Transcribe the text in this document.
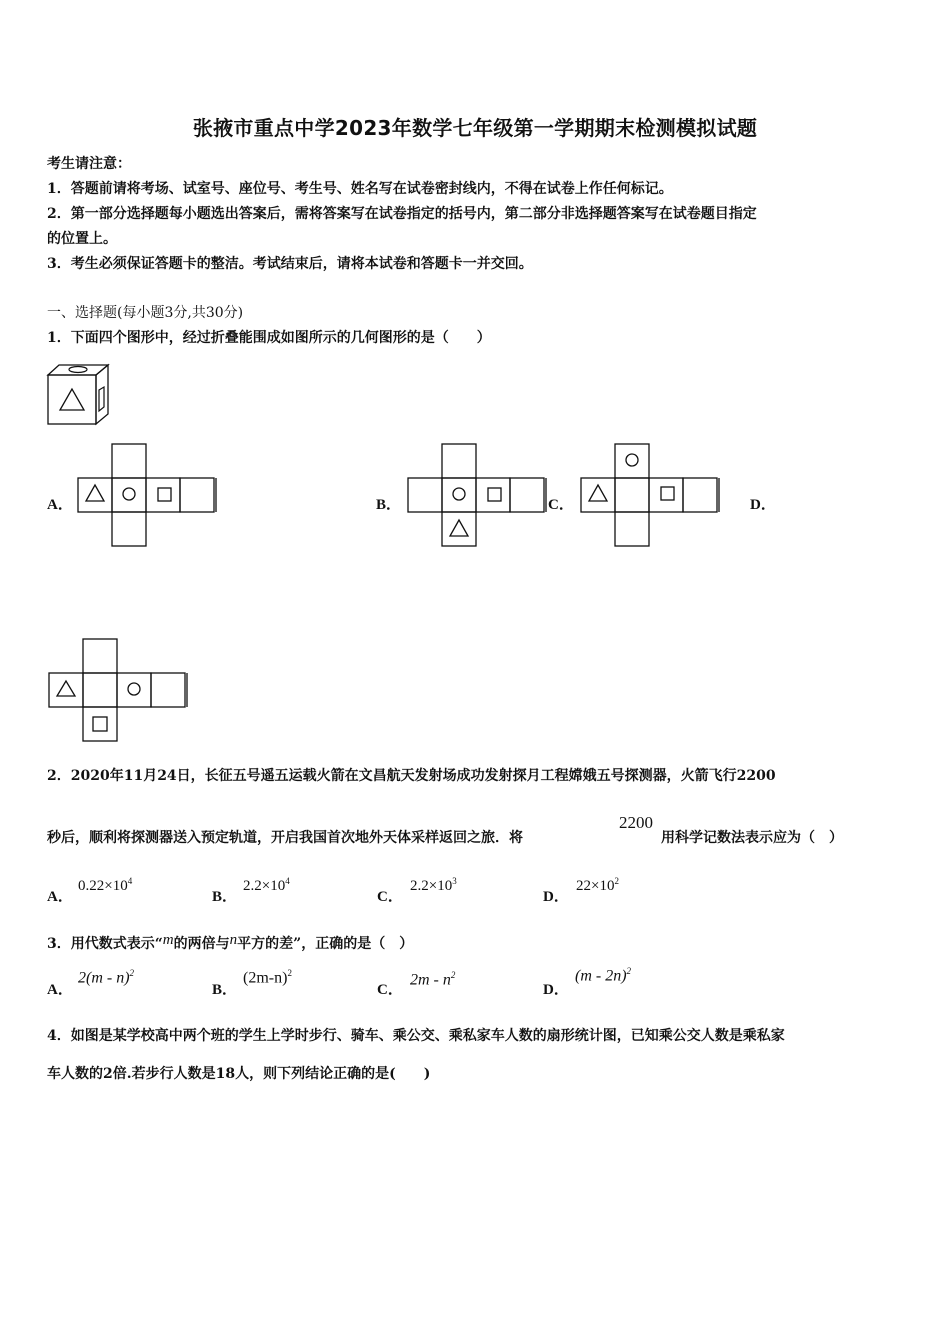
张掖市重点中学2023年数学七年级第一学期期末检测模拟试题
考生请注意：
1．答题前请将考场、试室号、座位号、考生号、姓名写在试卷密封线内，不得在试卷上作任何标记。
2．第一部分选择题每小题选出答案后，需将答案写在试卷指定的括号内，第二部分非选择题答案写在试卷题目指定
的位置上。
3．考生必须保证答题卡的整洁。考试结束后，请将本试卷和答题卡一并交回。
一、选择题(每小题3分,共30分)
1．下面四个图形中，经过折叠能围成如图所示的几何图形的是（　　）
A．	B．	C．	D．
2．2020年11月24日，长征五号遥五运载火箭在文昌航天发射场成功发射探月工程嫦娥五号探测器，火箭飞行2200
秒后，顺利将探测器送入预定轨道，开启我国首次地外天体采样返回之旅．将
2200
用科学记数法表示应为（　）
A．
$0.22\times 10^4$
B．
$2.2\times 10^4$
C．
$2.2\times 10^3$
D．
$22\times 10^2$
3．用代数式表示“m的两倍与n平方的差”，正确的是（　）
A．
2(m - n)$^2$
B．
$(2m-n)^2$
C．
$2m - n^2$
D．
(m - 2n)$^2$
4．如图是某学校高中两个班的学生上学时步行、骑车、乘公交、乘私家车人数的扇形统计图，已知乘公交人数是乘私家
车人数的2倍.若步行人数是18人，则下列结论正确的是(　　)
